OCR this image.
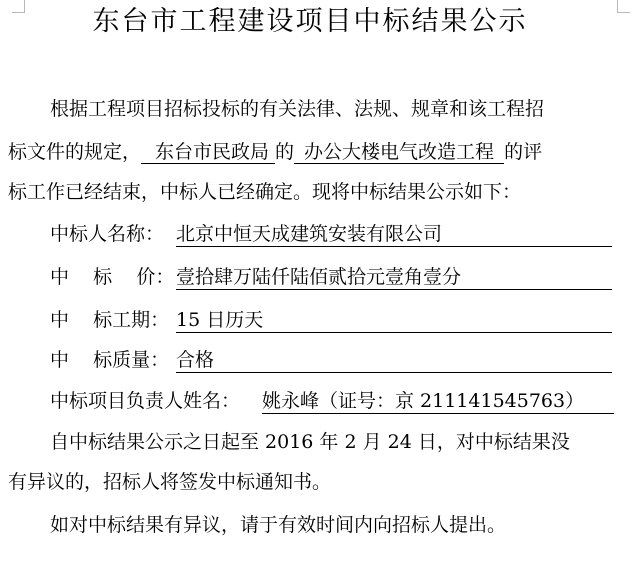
东台市工程建设项目中标结果公示
根据工程项目招标投标的有关法律、法规、规章和该工程招
标文件的规定， 东台市民政局 的 办公大楼电气改造工程 的评
标工作已经结束，中标人已经确定。现将中标结果公示如下：
中标人名称： 北京中恒天成建筑安装有限公司
中    标    价： 壹拾肆万陆仟陆佰贰拾元壹角壹分
中    标工期： 15 日历天
中    标质量： 合格
中标项目负责人姓名： 姚永峰（证号：京 211141545763）
自中标结果公示之日起至 2016 年 2 月 24 日，对中标结果没
有异议的，招标人将签发中标通知书。
如对中标结果有异议，请于有效时间内向招标人提出。
